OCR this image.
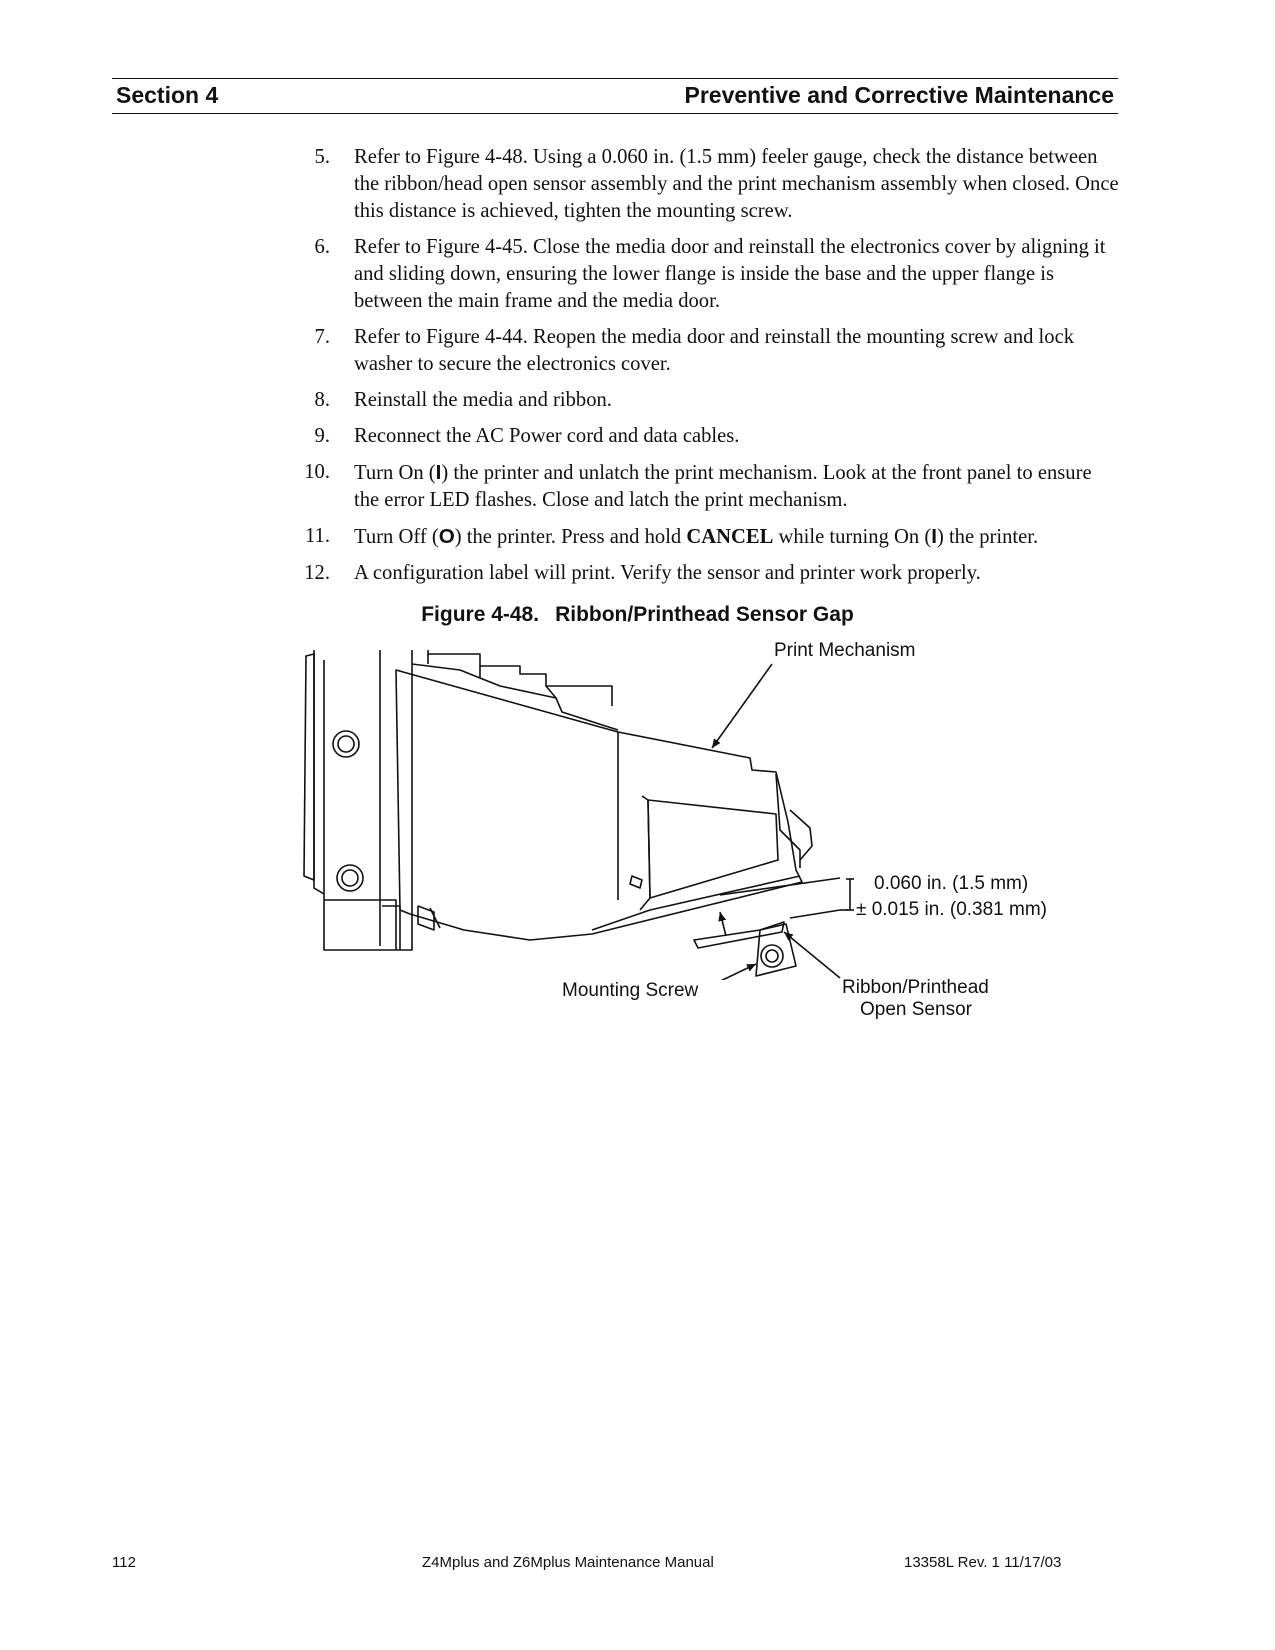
Section 4	Preventive and Corrective Maintenance
5. Refer to Figure 4-48. Using a 0.060 in. (1.5 mm) feeler gauge, check the distance between the ribbon/head open sensor assembly and the print mechanism assembly when closed. Once this distance is achieved, tighten the mounting screw.
6. Refer to Figure 4-45. Close the media door and reinstall the electronics cover by aligning it and sliding down, ensuring the lower flange is inside the base and the upper flange is between the main frame and the media door.
7. Refer to Figure 4-44. Reopen the media door and reinstall the mounting screw and lock washer to secure the electronics cover.
8. Reinstall the media and ribbon.
9. Reconnect the AC Power cord and data cables.
10. Turn On (I) the printer and unlatch the print mechanism. Look at the front panel to ensure the error LED flashes. Close and latch the print mechanism.
11. Turn Off (O) the printer. Press and hold CANCEL while turning On (I) the printer.
12. A configuration label will print. Verify the sensor and printer work properly.
Figure 4-48. Ribbon/Printhead Sensor Gap
Print Mechanism
0.060 in. (1.5 mm)
± 0.015 in. (0.381 mm)
Mounting Screw	Ribbon/Printhead
Open Sensor
112	Z4Mplus and Z6Mplus Maintenance Manual	13358L Rev. 1 11/17/03
